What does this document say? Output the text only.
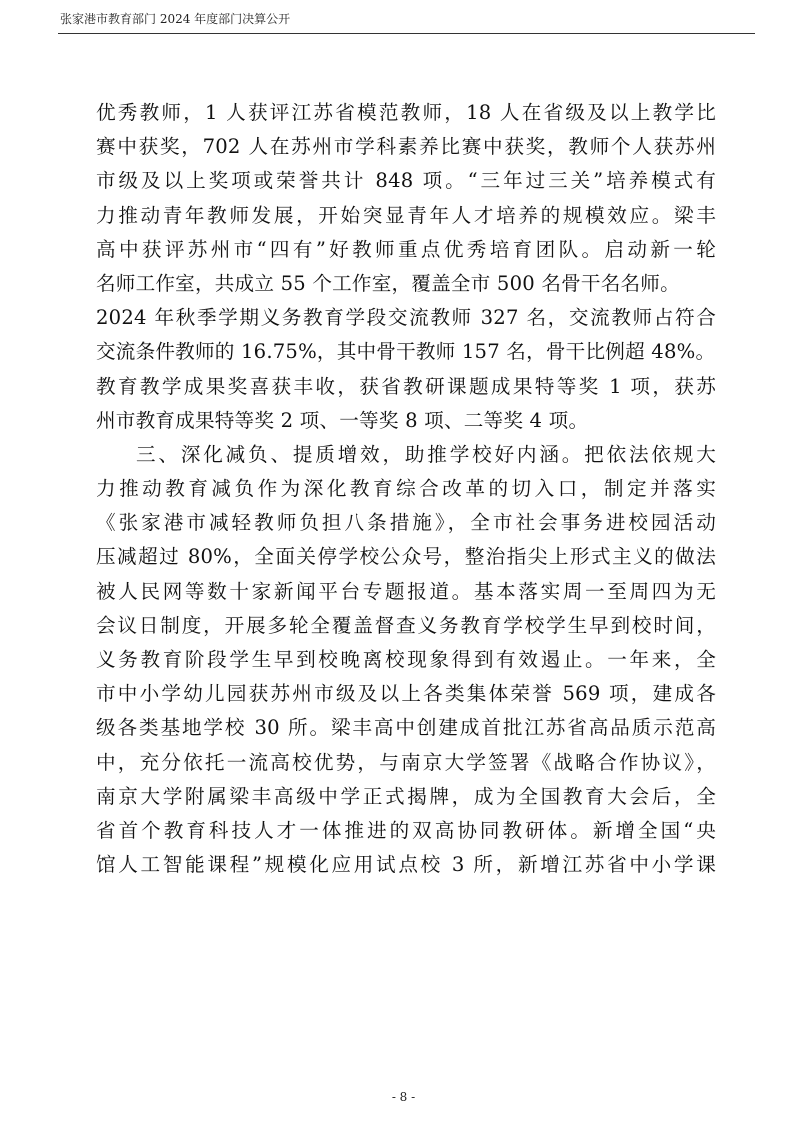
张家港市教育部门 2024 年度部门决算公开
优秀教师，1 人获评江苏省模范教师，18 人在省级及以上教学比
赛中获奖，702 人在苏州市学科素养比赛中获奖，教师个人获苏州
市级及以上奖项或荣誉共计 848 项。“三年过三关”培养模式有
力推动青年教师发展，开始突显青年人才培养的规模效应。梁丰
高中获评苏州市“四有”好教师重点优秀培育团队。启动新一轮
名师工作室，共成立 55 个工作室，覆盖全市 500 名骨干名名师。
2024 年秋季学期义务教育学段交流教师 327 名，交流教师占符合
交流条件教师的 16.75%，其中骨干教师 157 名，骨干比例超 48%。
教育教学成果奖喜获丰收，获省教研课题成果特等奖 1 项，获苏
州市教育成果特等奖 2 项、一等奖 8 项、二等奖 4 项。
三、深化减负、提质增效，助推学校好内涵。把依法依规大
力推动教育减负作为深化教育综合改革的切入口，制定并落实
《张家港市减轻教师负担八条措施》，全市社会事务进校园活动
压减超过 80%，全面关停学校公众号，整治指尖上形式主义的做法
被人民网等数十家新闻平台专题报道。基本落实周一至周四为无
会议日制度，开展多轮全覆盖督查义务教育学校学生早到校时间，
义务教育阶段学生早到校晚离校现象得到有效遏止。一年来，全
市中小学幼儿园获苏州市级及以上各类集体荣誉 569 项，建成各
级各类基地学校 30 所。梁丰高中创建成首批江苏省高品质示范高
中，充分依托一流高校优势，与南京大学签署《战略合作协议》，
南京大学附属梁丰高级中学正式揭牌，成为全国教育大会后，全
省首个教育科技人才一体推进的双高协同教研体。新增全国“央
馆人工智能课程”规模化应用试点校 3 所，新增江苏省中小学课
- 8 -
